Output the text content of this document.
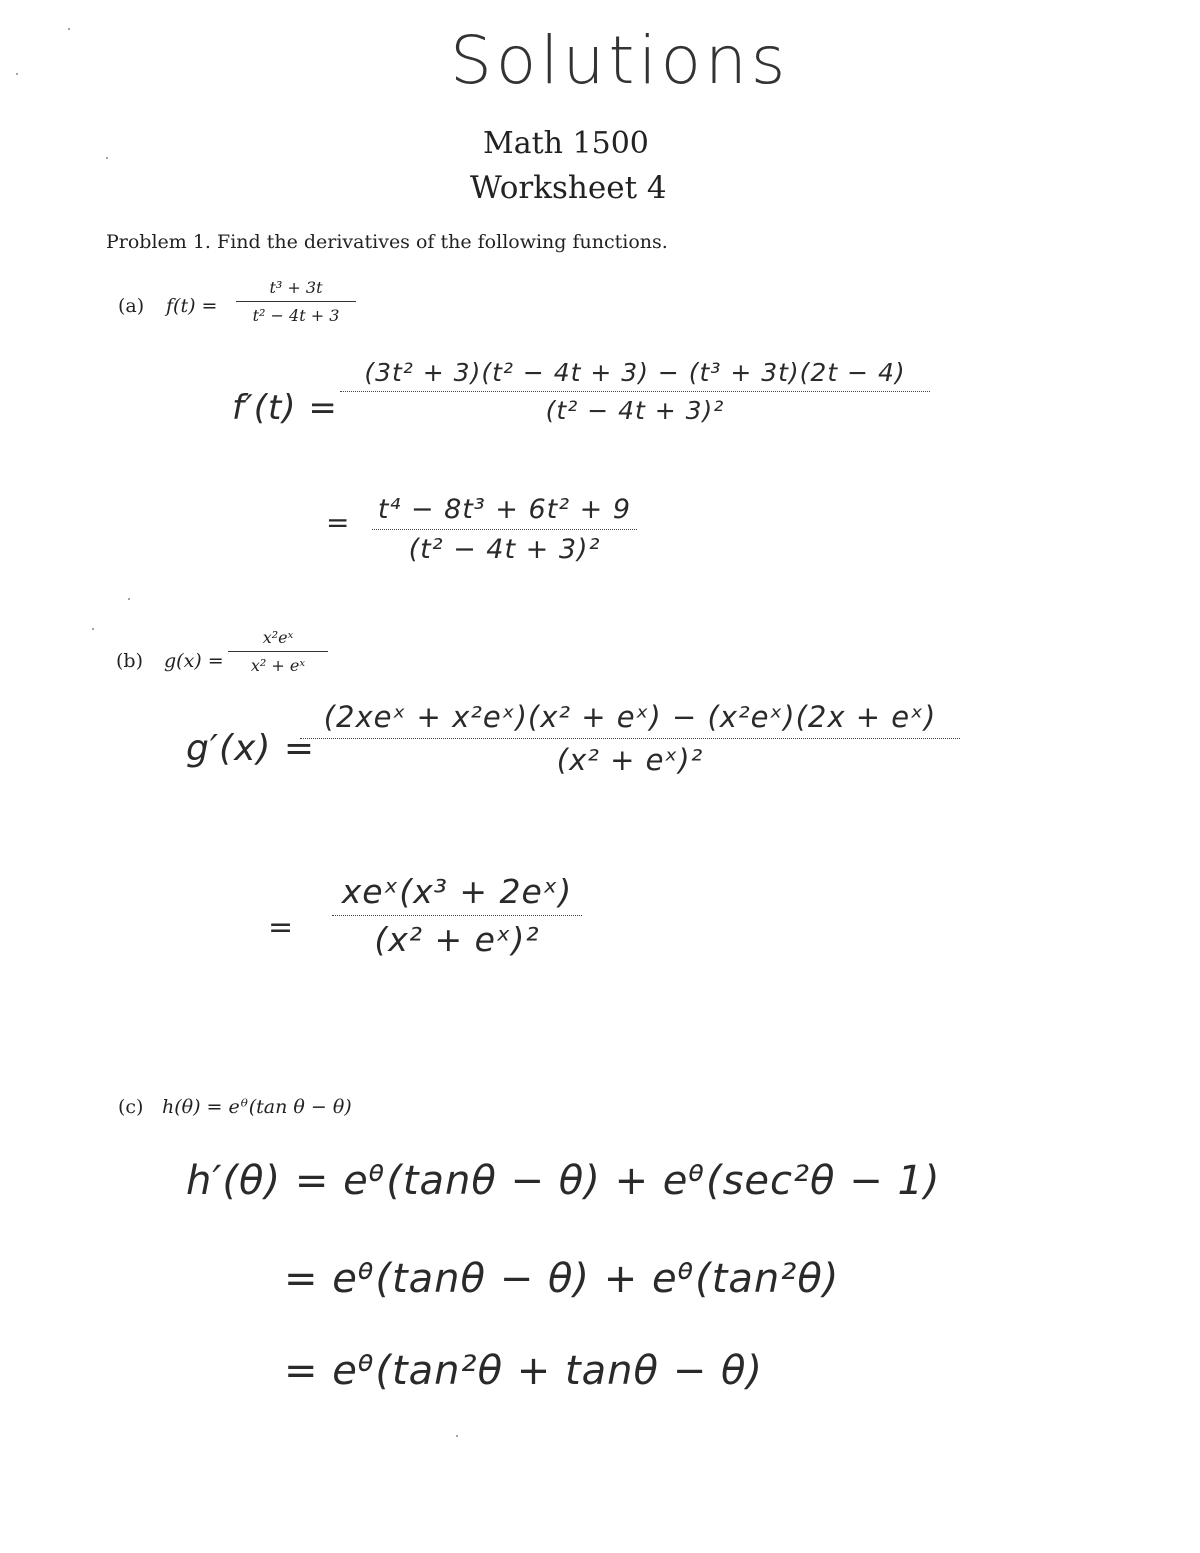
Solutions
Math 1500
Worksheet 4
Problem 1. Find the derivatives of the following functions.
(a) f(t) =
t³ + 3t
t² − 4t + 3
f′(t) =
(3t² + 3)(t² − 4t + 3) − (t³ + 3t)(2t − 4)
(t² − 4t + 3)²
= t⁴ − 8t³ + 6t² + 9
(t² − 4t + 3)²
(b) g(x) =
x²eˣ
x² + eˣ
g′(x) =
(2xeˣ + x²eˣ)(x² + eˣ) − (x²eˣ)(2x + eˣ)
(x² + eˣ)²
=
xeˣ(x³ + 2eˣ)
(x² + eˣ)²
(c) h(θ) = eᶿ(tan θ − θ)
h′(θ) = eᶿ(tanθ − θ) + eᶿ(sec²θ − 1)
= eᶿ(tanθ − θ) + eᶿ(tan²θ)
= eᶿ(tan²θ + tanθ − θ)
